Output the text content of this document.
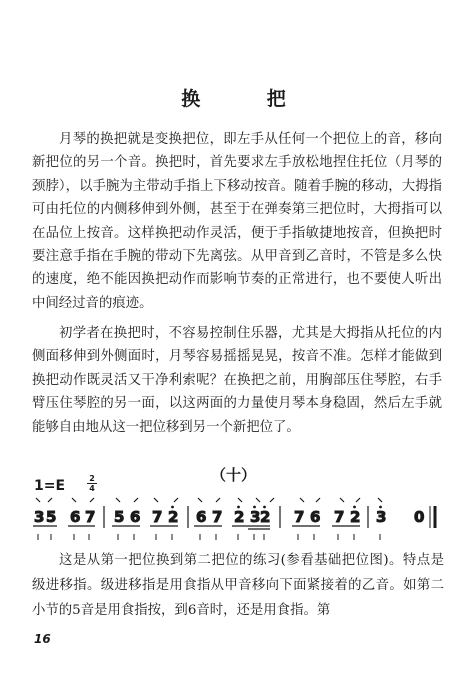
换 把

月琴的换把就是变换把位，即左手从任何一个把位上的音，移向新把位的另一个音。换把时，首先要求左手放松地捏住托位（月琴的颈脖），以手腕为主带动手指上下移动按音。随着手腕的移动，大拇指可由托位的内侧移伸到外侧，甚至于在弹奏第三把位时，大拇指可以在品位上按音。这样换把动作灵活，便于手指敏捷地按音，但换把时要注意手指在手腕的带动下先离弦。从甲音到乙音时，不管是多么快的速度，绝不能因换把动作而影响节奏的正常进行，也不要使人听出中间经过音的痕迹。

初学者在换把时，不容易控制住乐器，尤其是大拇指从托位的内侧面移伸到外侧面时，月琴容易摇摇晃晃，按音不准。怎样才能做到换把动作既灵活又干净利索呢？在换把之前，用胸部压住琴腔，右手臂压住琴腔的另一面，以这两面的力量使月琴本身稳固，然后左手就能够自由地从这一把位移到另一个新把位了。

（十）
1=E	2
4
3 5 6 7 5 6 7 2 6 7 2 3 2 7 6 7 2 3 0

这是从第一把位换到第二把位的练习(参看基础把位图)。特点是级进移指。级进移指是用食指从甲音移向下面紧接着的乙音。如第二小节的5音是用食指按，到6音时，还是用食指。第

16
